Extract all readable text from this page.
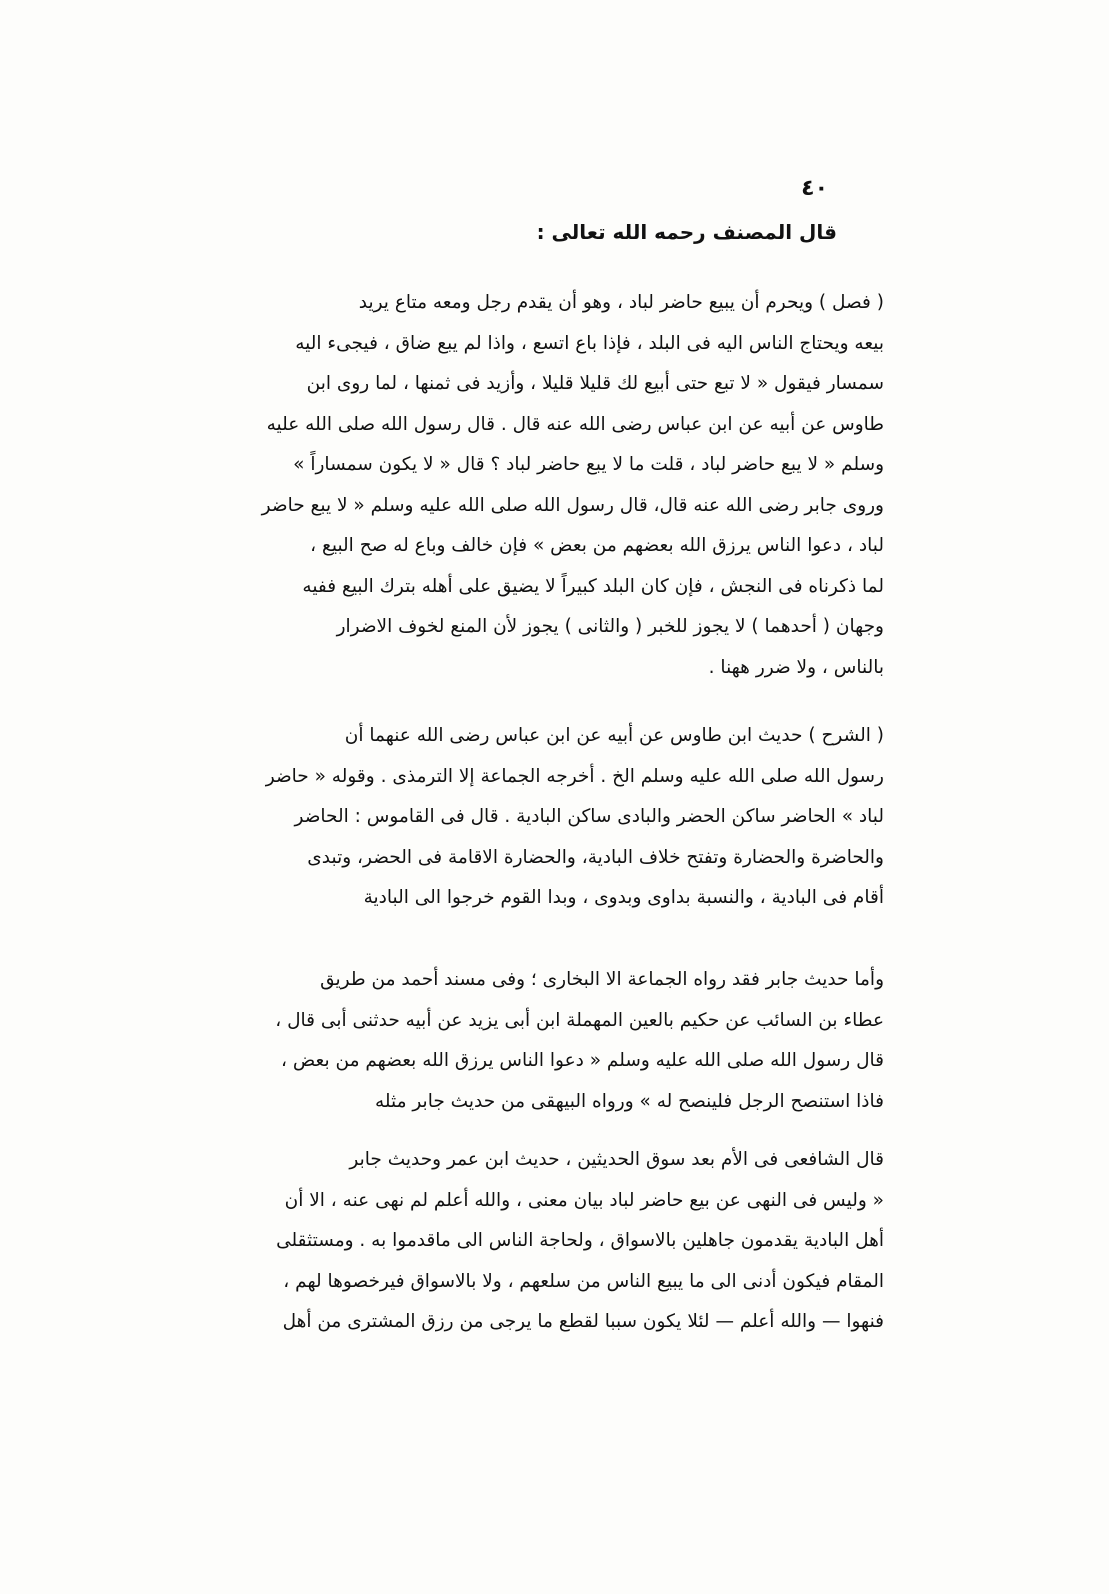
٤٠
قال المصنف رحمه الله تعالى :
( فصل ) ويحرم أن يبيع حاضر لباد ، وهو أن يقدم رجل ومعه متاع يريد
بيعه ويحتاج الناس اليه فى البلد ، فإذا باع اتسع ، واذا لم يبع ضاق ، فيجىء اليه
سمسار فيقول « لا تبع حتى أبيع لك قليلا قليلا ، وأزيد فى ثمنها ، لما روى ابن
طاوس عن أبيه عن ابن عباس رضى الله عنه قال . قال رسول الله صلى الله عليه
وسلم « لا يبع حاضر لباد ، قلت ما لا يبع حاضر لباد ؟ قال « لا يكون سمساراً »
وروى جابر رضى الله عنه قال، قال رسول الله صلى الله عليه وسلم « لا يبع حاضر
لباد ، دعوا الناس يرزق الله بعضهم من بعض » فإن خالف وباع له صح البيع ،
لما ذكرناه فى النجش ، فإن كان البلد كبيراً لا يضيق على أهله بترك البيع ففيه
وجهان ( أحدهما ) لا يجوز للخبر ( والثانى ) يجوز لأن المنع لخوف الاضرار
بالناس ، ولا ضرر ههنا .
( الشرح ) حديث ابن طاوس عن أبيه عن ابن عباس رضى الله عنهما أن
رسول الله صلى الله عليه وسلم الخ . أخرجه الجماعة إلا الترمذى . وقوله « حاضر
لباد » الحاضر ساكن الحضر والبادى ساكن البادية . قال فى القاموس : الحاضر
والحاضرة والحضارة وتفتح خلاف البادية، والحضارة الاقامة فى الحضر، وتبدى
أقام فى البادية ، والنسبة بداوى وبدوى ، وبدا القوم خرجوا الى البادية
وأما حديث جابر فقد رواه الجماعة الا البخارى ؛ وفى مسند أحمد من طريق
عطاء بن السائب عن حكيم بالعين المهملة ابن أبى يزيد عن أبيه حدثنى أبى قال ،
قال رسول الله صلى الله عليه وسلم « دعوا الناس يرزق الله بعضهم من بعض ،
فاذا استنصح الرجل فلينصح له » ورواه البيهقى من حديث جابر مثله
قال الشافعى فى الأم بعد سوق الحديثين ، حديث ابن عمر وحديث جابر
« وليس فى النهى عن بيع حاضر لباد بيان معنى ، والله أعلم لم نهى عنه ، الا أن
أهل البادية يقدمون جاهلين بالاسواق ، ولحاجة الناس الى ماقدموا به . ومستثقلى
المقام فيكون أدنى الى ما يبيع الناس من سلعهم ، ولا بالاسواق فيرخصوها لهم ،
فنهوا — والله أعلم — لئلا يكون سببا لقطع ما يرجى من رزق المشترى من أهل
